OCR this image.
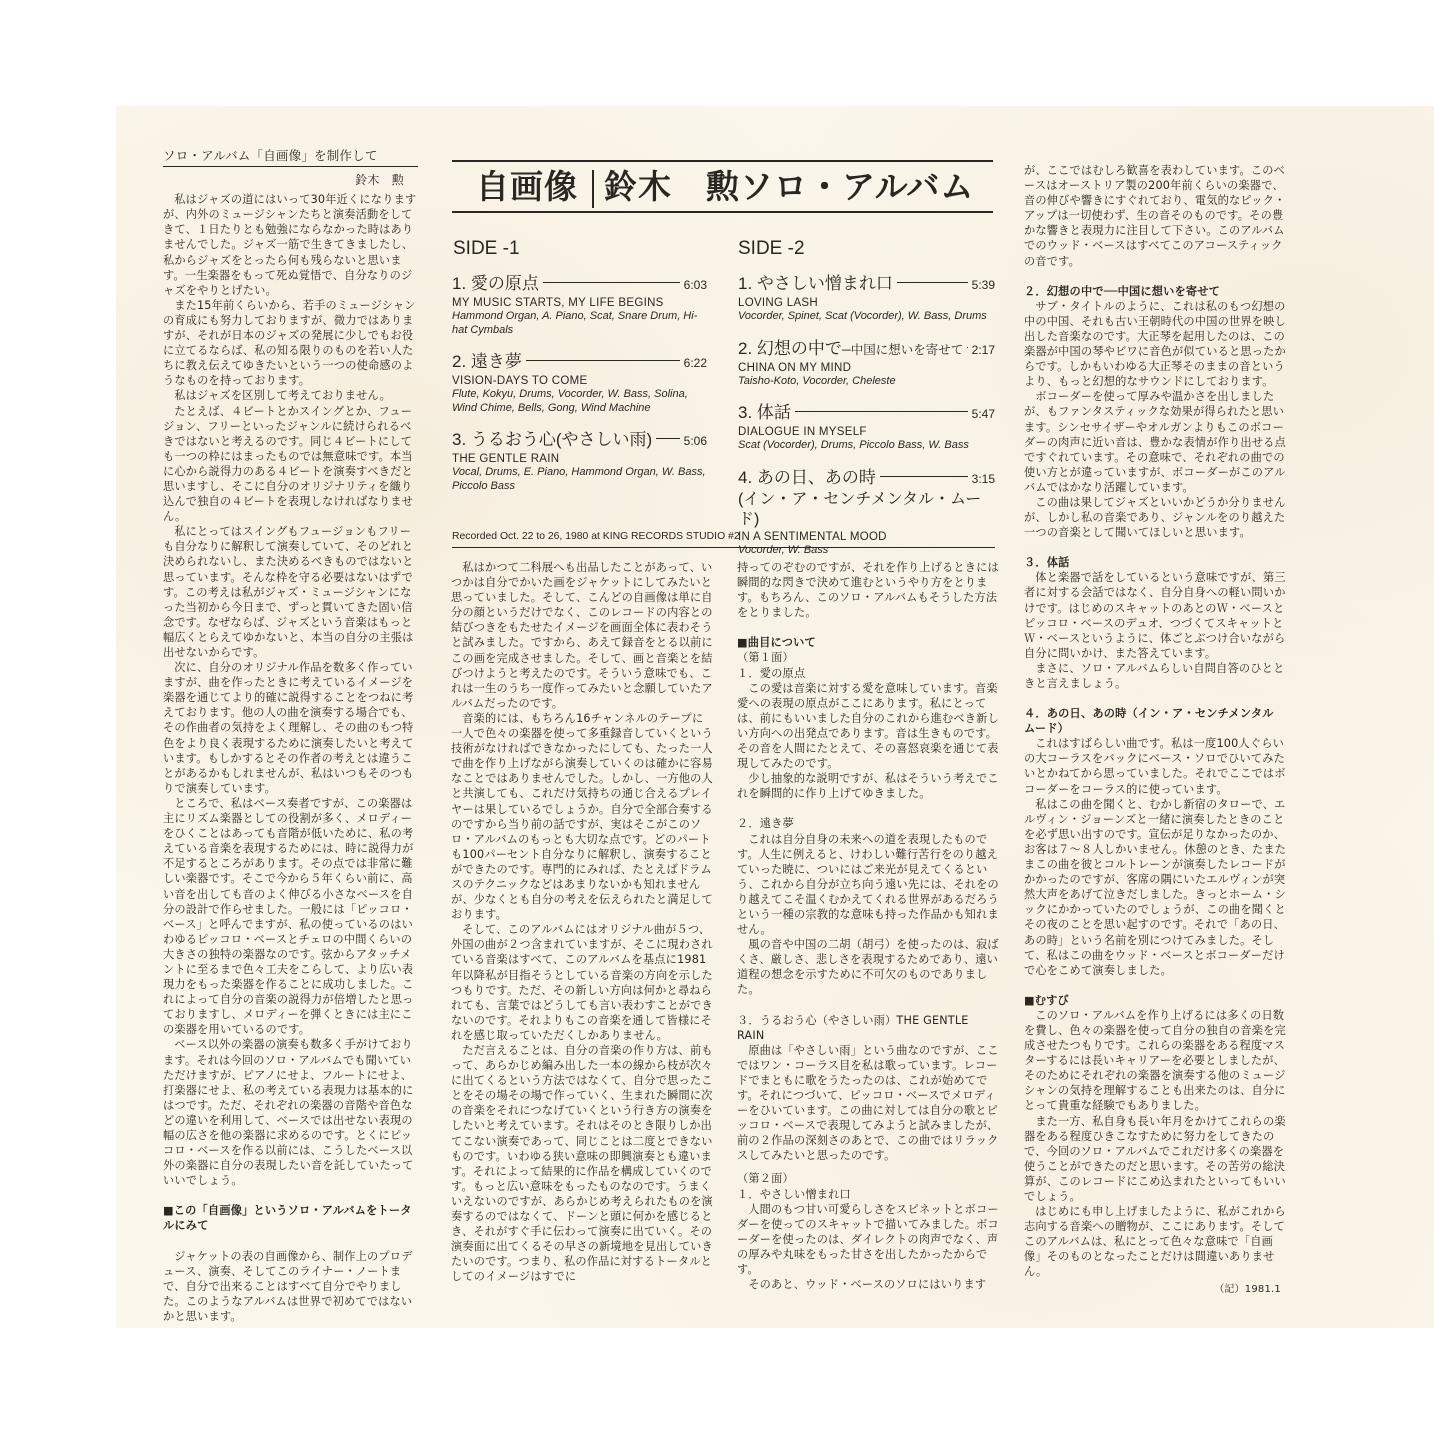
ソロ・アルバム「自画像」を制作して
鈴木　勲

私はジャズの道にはいって30年近くになりますが、内外のミュージシャンたちと演奏活動をしてきて、１日たりとも勉強にならなかった時はありませんでした。ジャズ一筋で生きてきましたし、私からジャズをとったら何も残らないと思います。一生楽器をもって死ぬ覚悟で、自分なりのジャズをやりとげたい。

また15年前くらいから、若手のミュージシャンの育成にも努力しておりますが、微力ではありますが、それが日本のジャズの発展に少しでもお役に立てるならば、私の知る限りのものを若い人たちに教え伝えてゆきたいという一つの使命感のようなものを持っております。

私はジャズを区別して考えておりません。

たとえば、４ビートとかスイングとか、フュージョン、フリーといったジャンルに続けられるべきではないと考えるのです。同じ４ビートにしても一つの枠にはまったものでは無意味です。本当に心から説得力のある４ビートを演奏すべきだと思いますし、そこに自分のオリジナリティを織り込んで独自の４ビートを表現しなければなりません。

私にとってはスイングもフュージョンもフリーも自分なりに解釈して演奏していて、そのどれと決められないし、また決めるべきものではないと思っています。そんな枠を守る必要はないはずです。この考えは私がジャズ・ミュージシャンになった当初から今日まで、ずっと貫いてきた固い信念です。なぜならば、ジャズという音楽はもっと幅広くとらえてゆかないと、本当の自分の主張は出せないからです。

次に、自分のオリジナル作品を数多く作っていますが、曲を作ったときに考えているイメージを楽器を通じてより的確に説得することをつねに考えております。他の人の曲を演奏する場合でも、その作曲者の気持をよく理解し、その曲のもつ特色をより良く表現するために演奏したいと考えています。もしかするとその作者の考えとは違うことがあるかもしれませんが、私はいつもそのつもりで演奏しています。

ところで、私はベース奏者ですが、この楽器は主にリズム楽器としての役割が多く、メロディーをひくことはあっても音階が低いために、私の考えている音楽を表現するためには、時に説得力が不足するところがあります。その点では非常に難しい楽器です。そこで今から５年くらい前に、高い音を出しても音のよく伸びる小さなベースを自分の設計で作らせました。一般には「ピッコロ・ベース」と呼んでますが、私の使っているのはいわゆるピッコロ・ベースとチェロの中間くらいの大きさの独特の楽器なのです。弦からアタッチメントに至るまで色々工夫をこらして、より広い表現力をもった楽器を作ることに成功しました。これによって自分の音楽の説得力が倍増したと思っておりますし、メロディーを弾くときには主にこの楽器を用いているのです。

ベース以外の楽器の演奏も数多く手がけております。それは今回のソロ・アルバムでも聞いていただけますが、ピアノにせよ、フルートにせよ、打楽器にせよ、私の考えている表現力は基本的にはつです。ただ、それぞれの楽器の音階や音色などの違いを利用して、ベースでは出せない表現の幅の広さを他の楽器に求めるのです。とくにピッコロ・ベースを作る以前には、こうしたベース以外の楽器に自分の表現したい音を託していたっていいでしょう。

■この「自画像」というソロ・アルバムをトータルにみて

ジャケットの表の自画像から、制作上のプロデュース、演奏、そしてこのライナー・ノートまで、自分で出来ることはすべて自分でやりました。このようなアルバムは世界で初めてではないかと思います。

自画像 鈴木　勲ソロ・アルバム
SIDE -1	SIDE -2
1. 愛の原点	6:03
MY MUSIC STARTS, MY LIFE BEGINS
Hammond Organ, A. Piano, Scat, Snare Drum, Hi-hat Cymbals
2. 遠き夢	6:22
VISION-DAYS TO COME
Flute, Kokyu, Drums, Vocorder, W. Bass, Solina, Wind Chime, Bells, Gong, Wind Machine
3. うるおう心(やさしい雨)	5:06
THE GENTLE RAIN
Vocal, Drums, E. Piano, Hammond Organ, W. Bass, Piccolo Bass
1. やさしい憎まれ口	5:39
LOVING LASH
Vocorder, Spinet, Scat (Vocorder), W. Bass, Drums
2. 幻想の中で ─中国に想いを寄せて 2:17
CHINA ON MY MIND
Taisho-Koto, Vocorder, Cheleste
3. 体話	5:47
DIALOGUE IN MYSELF
Scat (Vocorder), Drums, Piccolo Bass, W. Bass
4. あの日、あの時	3:15
(イン・ア・センチメンタル・ムード)
IN A SENTIMENTAL MOOD
Vocorder, W. Bass
Recorded Oct. 22 to 26, 1980 at KING RECORDS STUDIO #2

私はかつて二科展へも出品したことがあって、いつかは自分でかいた画をジャケットにしてみたいと思っていました。そして、こんどの自画像は単に自分の顔というだけでなく、このレコードの内容との結びつきをもたせたイメージを画面全体に表わそうと試みました。ですから、あえて録音をとる以前にこの画を完成させました。そして、画と音楽とを結びつけようと考えたのです。そういう意味でも、これは一生のうち一度作ってみたいと念願していたアルバムだったのです。

音楽的には、もちろん16チャンネルのテープに一人で色々の楽器を使って多重録音していくという技術がなければできなかったにしても、たった一人で曲を作り上げながら演奏していくのは確かに容易なことではありませんでした。しかし、一方他の人と共演しても、これだけ気持ちの通じ合えるプレイヤーは果しているでしょうか。自分で全部合奏するのですから当り前の話ですが、実はそこがこのソロ・アルバムのもっとも大切な点です。どのパートも100パーセント自分なりに解釈し、演奏することができたのです。専門的にみれば、たとえばドラムスのテクニックなどはあまりないかも知れませんが、少なくとも自分の考えを伝えられたと満足しております。

そして、このアルバムにはオリジナル曲が５つ、外国の曲が２つ含まれていますが、そこに現わされている音楽はすべて、このアルバムを基点に1981年以降私が目指そうとしている音楽の方向を示したつもりです。ただ、その新しい方向は何かと尋ねられても、言葉ではどうしても言い表わすことができないのです。それよりもこの音楽を通して皆様にそれを感じ取っていただくしかありません。

ただ言えることは、自分の音楽の作り方は、前もって、あらかじめ編み出した一本の線から枝が次々に出てくるという方法ではなくて、自分で思ったことをその場その場で作っていく、生まれた瞬間に次の音楽をそれにつなげていくという行き方の演奏をしたいと考えています。それはそのとき限りしか出てこない演奏であって、同じことは二度とできないものです。いわゆる狭い意味の即興演奏とも違います。それによって結果的に作品を構成していくのです。もっと広い意味をもったものなのです。うまくいえないのですが、あらかじめ考えられたものを演奏するのではなくて、ドーンと頭に何かを感じるとき、それがすぐ手に伝わって演奏に出ていく。その演奏面に出てくるその早さの新境地を見出していきたいのです。つまり、私の作品に対するトータルとしてのイメージはすでに

持ってのぞむのですが、それを作り上げるときには瞬間的な閃きで決めて進むというやり方をとります。もちろん、このソロ・アルバムもそうした方法をとりました。

■曲目について

（第１面）

１．愛の原点

この愛は音楽に対する愛を意味しています。音楽愛への表現の原点がここにあります。私にとっては、前にもいいました自分のこれから進むべき新しい方向への出発点であります。音は生きものです。その音を人間にたとえて、その喜怒哀楽を通じて表現してみたのです。

少し抽象的な説明ですが、私はそういう考えでこれを瞬間的に作り上げてゆきました。

２．遠き夢

これは自分自身の未来への道を表現したものです。人生に例えると、けわしい難行苦行をのり越えていった暁に、ついにはご来光が見えてくるという、これから自分が立ち向う遠い先には、それをのり越えてこそ温くむかえてくれる世界があるだろうという一種の宗教的な意味も持った作品かも知れません。

風の音や中国の二胡（胡弓）を使ったのは、寂ばくさ、厳しさ、悲しさを表現するためであり、遠い道程の想念を示すために不可欠のものでありました。

３．うるおう心（やさしい雨）THE GENTLE RAIN

原曲は「やさしい雨」という曲なのですが、ここではワン・コーラス目を私は歌っています。レコードでまともに歌をうたったのは、これが始めてです。それにつづいて、ピッコロ・ベースでメロディーをひいています。この曲に対しては自分の歌とピッコロ・ベースで表現してみようと試みましたが、前の２作品の深刻さのあとで、この曲ではリラックスしてみたいと思ったのです。

（第２面）

１．やさしい憎まれ口

人間のもつ甘い可愛らしさをスピネットとボコーダーを使ってのスキャットで描いてみました。ボコーダーを使ったのは、ダイレクトの肉声でなく、声の厚みや丸味をもった甘さを出したかったからです。

そのあと、ウッド・ベースのソロにはいります

が、ここではむしろ歓喜を表わしています。このベースはオーストリア製の200年前くらいの楽器で、音の伸びや響きにすぐれており、電気的なピック・アップは一切使わず、生の音そのものです。その豊かな響きと表現力に注目して下さい。このアルバムでのウッド・ベースはすべてこのアコースティックの音です。

２．幻想の中で──中国に想いを寄せて

サブ・タイトルのように、これは私のもつ幻想の中の中国、それも古い王朝時代の中国の世界を映し出した音楽なのです。大正琴を起用したのは、この楽器が中国の琴やビワに音色が似ていると思ったからです。しかもいわゆる大正琴そのままの音というより、もっと幻想的なサウンドにしております。

ボコーダーを使って厚みや温かさを出しましたが、もファンタスティックな効果が得られたと思います。シンセサイザーやオルガンよりもこのボコーダーの肉声に近い音は、豊かな表情が作り出せる点ですぐれています。その意味で、それぞれの曲での使い方とが違っていますが、ボコーダーがこのアルバムではかなり活躍しています。

この曲は果してジャズといいかどうか分りませんが、しかし私の音楽であり、ジャンルをのり越えた一つの音楽として聞いてほしいと思います。

３．体話

体と楽器で話をしているという意味ですが、第三者に対する会話ではなく、自分自身への軽い問いかけです。はじめのスキャットのあとのＷ・ベースとピッコロ・ベースのデュオ、つづくてスキャットとＷ・ベースというように、体ごとぶつけ合いながら自分に問いかけ、また答えています。

まさに、ソロ・アルバムらしい自問自答のひとときと言えましょう。

４．あの日、あの時（イン・ア・センチメンタル ムード）

これはすばらしい曲です。私は一度100人ぐらいの大コーラスをバックにベース・ソロでひいてみたいとかねてから思っていました。それでここではボコーダーをコーラス的に使っています。

私はこの曲を聞くと、むかし新宿のタローで、エルヴィン・ジョーンズと一緒に演奏したときのことを必ず思い出すのです。宣伝が足りなかったのか、お客は７～８人しかいません。休憩のとき、たまたまこの曲を彼とコルトレーンが演奏したレコードがかかったのですが、客席の隅にいたエルヴィンが突然大声をあげて泣きだしました。きっとホーム・シックにかかっていたのでしょうが、この曲を聞くとその夜のことを思い起すのです。それで「あの日、あの時」という名前を別につけてみました。そして、私はこの曲をウッド・ベースとボコーダーだけで心をこめて演奏しました。

■むすび

このソロ・アルバムを作り上げるには多くの日数を費し、色々の楽器を使って自分の独自の音楽を完成させたつもりです。これらの楽器をある程度マスターするには長いキャリアーを必要としましたが、そのためにそれぞれの楽器を演奏する他のミュージシャンの気持を理解することも出来たのは、自分にとって貴重な経験でもありました。

また一方、私自身も長い年月をかけてこれらの楽器をある程度ひきこなすために努力をしてきたので、今回のソロ・アルバムでこれだけ多くの楽器を使うことができたのだと思います。その苦労の総決算が、このレコードにこめ込まれたといってもいいでしょう。

はじめにも申し上げましたように、私がこれから志向する音楽への贈物が、ここにあります。そしてこのアルバムは、私にとって色々な意味で「自画像」そのものとなったことだけは間違いありません。

（記）1981.1
